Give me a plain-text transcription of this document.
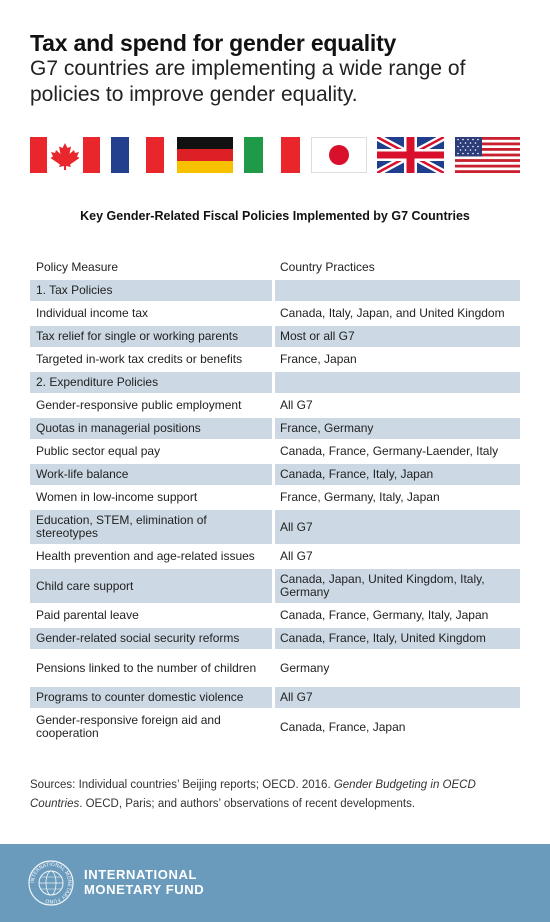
Tax and spend for gender equality
G7 countries are implementing a wide range of policies to improve gender equality.
Key Gender-Related Fiscal Policies Implemented by G7 Countries
Policy Measure	Country Practices
1. Tax Policies
Individual income tax	Canada, Italy, Japan, and United Kingdom
Tax relief for single or working parents	Most or all G7
Targeted in-work tax credits or benefits	France, Japan
2. Expenditure Policies
Gender-responsive public employment	All G7
Quotas in managerial positions	France, Germany
Public sector equal pay	Canada, France, Germany-Laender, Italy
Work-life balance	Canada, France, Italy, Japan
Women in low-income support	France, Germany, Italy, Japan
Education, STEM, elimination of stereotypes	All G7
Health prevention and age-related issues	All G7
Child care support	Canada, Japan, United Kingdom, Italy, Germany
Paid parental leave	Canada, France, Germany, Italy, Japan
Gender-related social security reforms	Canada, France, Italy, United Kingdom
Pensions linked to the number of children	Germany
Programs to counter domestic violence	All G7
Gender-responsive foreign aid and cooperation	Canada, France, Japan
Sources: Individual countries’ Beijing reports; OECD. 2016. Gender Budgeting in OECD Countries. OECD, Paris; and authors’ observations of recent developments.
INTERNATIONAL MONETARY FUND
INTERNATIONAL
MONETARY FUND
